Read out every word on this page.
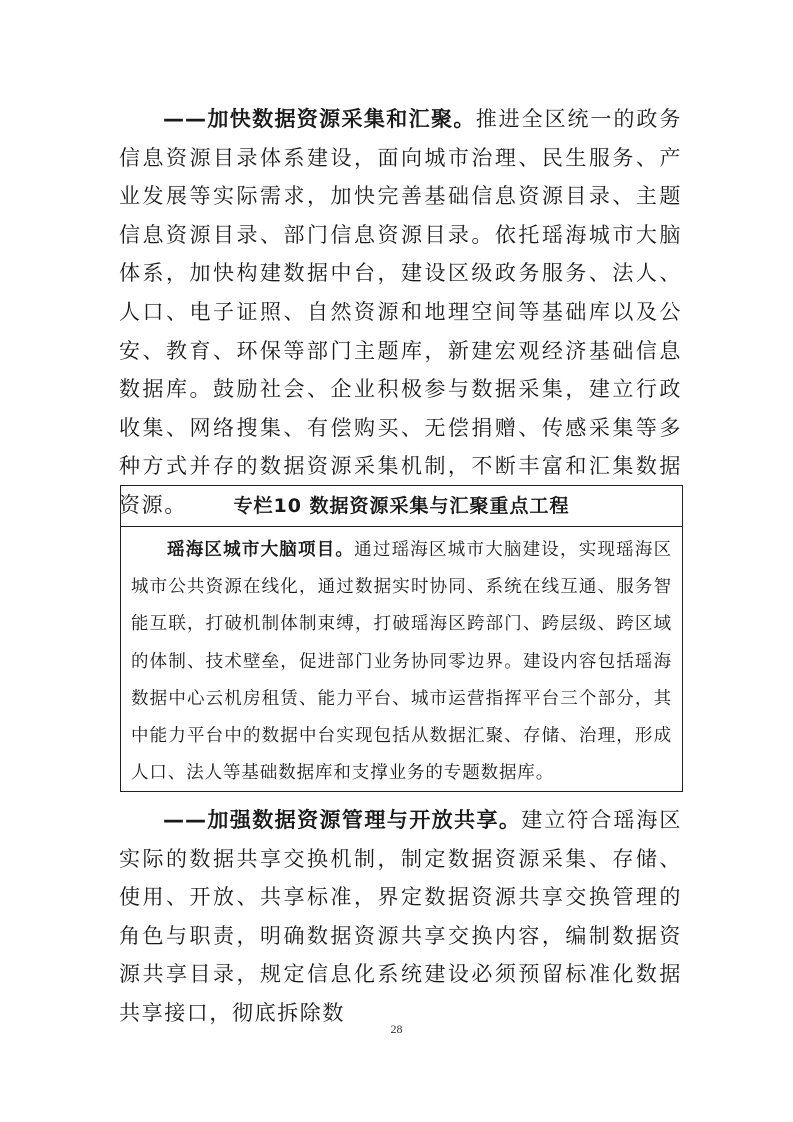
——加快数据资源采集和汇聚。推进全区统一的政务信息资源目录体系建设，面向城市治理、民生服务、产业发展等实际需求，加快完善基础信息资源目录、主题信息资源目录、部门信息资源目录。依托瑶海城市大脑体系，加快构建数据中台，建设区级政务服务、法人、人口、电子证照、自然资源和地理空间等基础库以及公安、教育、环保等部门主题库，新建宏观经济基础信息数据库。鼓励社会、企业积极参与数据采集，建立行政收集、网络搜集、有偿购买、无偿捐赠、传感采集等多种方式并存的数据资源采集机制，不断丰富和汇集数据资源。	专栏10 数据资源采集与汇聚重点工程

瑶海区城市大脑项目。通过瑶海区城市大脑建设，实现瑶海区城市公共资源在线化，通过数据实时协同、系统在线互通、服务智能互联，打破机制体制束缚，打破瑶海区跨部门、跨层级、跨区域的体制、技术壁垒，促进部门业务协同零边界。建设内容包括瑶海数据中心云机房租赁、能力平台、城市运营指挥平台三个部分，其中能力平台中的数据中台实现包括从数据汇聚、存储、治理，形成人口、法人等基础数据库和支撑业务的专题数据库。

——加强数据资源管理与开放共享。建立符合瑶海区实际的数据共享交换机制，制定数据资源采集、存储、使用、开放、共享标准，界定数据资源共享交换管理的角色与职责，明确数据资源共享交换内容，编制数据资源共享目录，规定信息化系统建设必须预留标准化数据共享接口，彻底拆除数

28
